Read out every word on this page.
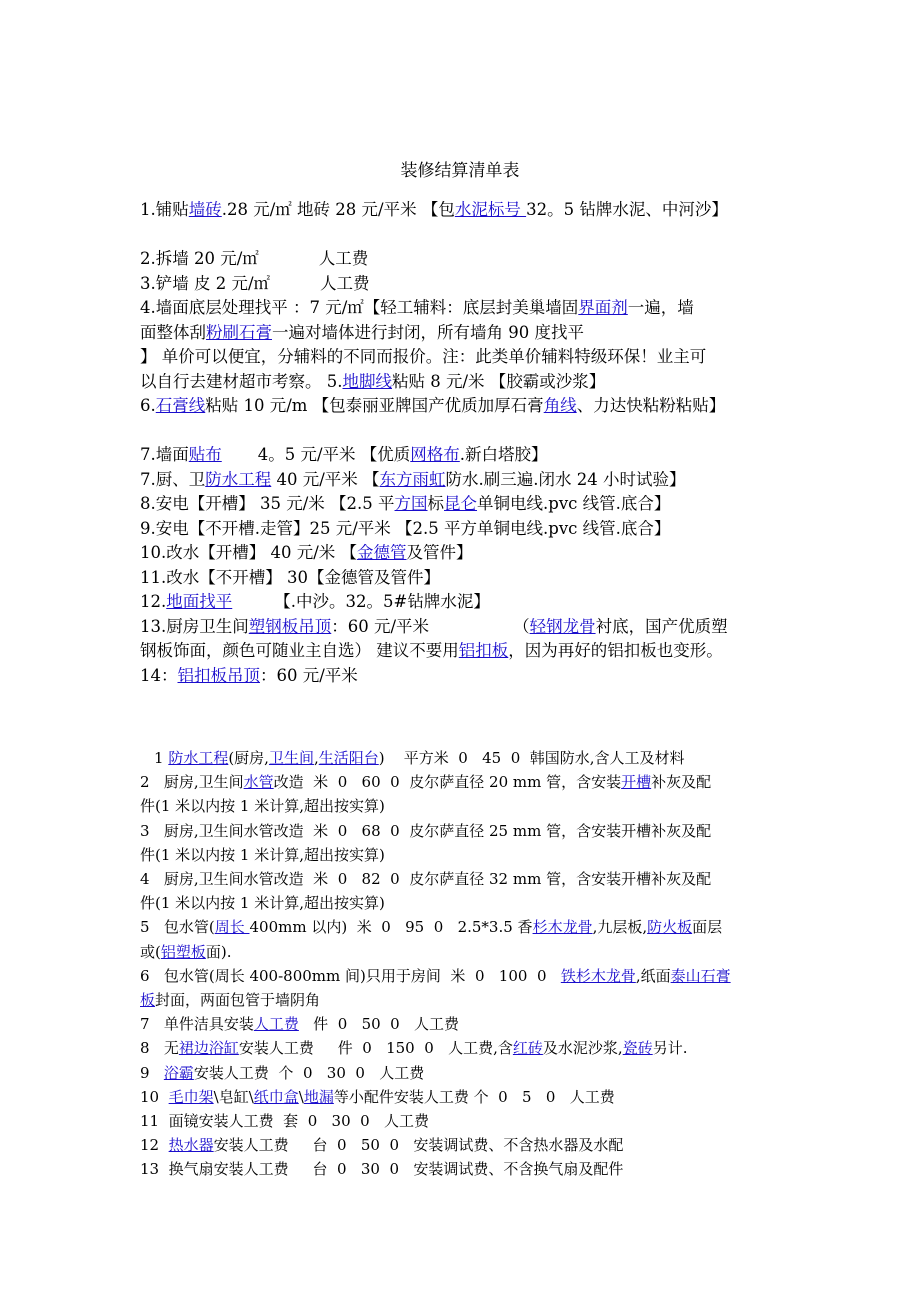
装修结算清单表

1.铺贴墙砖.28 元/㎡ 地砖 28 元/平米 【包水泥标号 32。5 钻牌水泥、中河沙】

2.拆墙 20 元/㎡	人工费

3.铲墙 皮 2 元/㎡	人工费

4.墙面底层处理找平 ：7 元/㎡【轻工辅料：底层封美巢墙固界面剂一遍，墙

面整体刮粉刷石膏一遍对墙体进行封闭，所有墙角 90 度找平

】 单价可以便宜，分辅料的不同而报价。注：此类单价辅料特级环保！业主可

以自行去建材超市考察。 5.地脚线粘贴 8 元/米 【胶霸或沙浆】

6.石膏线粘贴 10 元/m 【包泰丽亚牌国产优质加厚石膏角线、力达快粘粉粘贴】

7.墙面贴布 4。5 元/平米 【优质网格布.新白塔胶】

7.厨、卫防水工程 40 元/平米 【东方雨虹防水.刷三遍.闭水 24 小时试验】

8.安电【开槽】 35 元/米 【2.5 平方国标昆仑单铜电线.pvc 线管.底合】

9.安电【不开槽.走管】25 元/平米 【2.5 平方单铜电线.pvc 线管.底合】

10.改水【开槽】 40 元/米 【金德管及管件】

11.改水【不开槽】 30【金德管及管件】

12.地面找平	【.中沙。32。5#钻牌水泥】

13.厨房卫生间塑钢板吊顶：60 元/平米	（轻钢龙骨衬底，国产优质塑

钢板饰面，颜色可随业主自选） 建议不要用铝扣板，因为再好的铝扣板也变形。

14：铝扣板吊顶：60 元/平米

1 防水工程(厨房,卫生间,生活阳台)    平方米  0   45  0  韩国防水,含人工及材料

2   厨房,卫生间水管改造  米  0   60  0  皮尔萨直径 20 mm 管，含安装开槽补灰及配

件(1 米以内按 1 米计算,超出按实算)

3   厨房,卫生间水管改造  米  0   68  0  皮尔萨直径 25 mm 管，含安装开槽补灰及配

件(1 米以内按 1 米计算,超出按实算)

4   厨房,卫生间水管改造  米  0   82  0  皮尔萨直径 32 mm 管，含安装开槽补灰及配

件(1 米以内按 1 米计算,超出按实算)

5   包水管(周长 400mm 以内)  米  0   95  0   2.5*3.5 香杉木龙骨,九层板,防火板面层

或(铝塑板面).

6   包水管(周长 400-800mm 间)只用于房间  米  0   100  0   铁杉木龙骨,纸面泰山石膏

板封面，两面包管于墙阴角

7   单件洁具安装人工费   件  0   50  0   人工费

8   无裙边浴缸安装人工费     件  0   150  0   人工费,含红砖及水泥沙浆,瓷砖另计.

9   浴霸安装人工费  个  0   30  0   人工费

10  毛巾架\皂缸\纸巾盒\地漏等小配件安装人工费 个  0   5   0   人工费

11  面镜安装人工费  套  0   30  0   人工费

12  热水器安装人工费     台  0   50  0   安装调试费、不含热水器及水配

13  换气扇安装人工费     台  0   30  0   安装调试费、不含换气扇及配件
